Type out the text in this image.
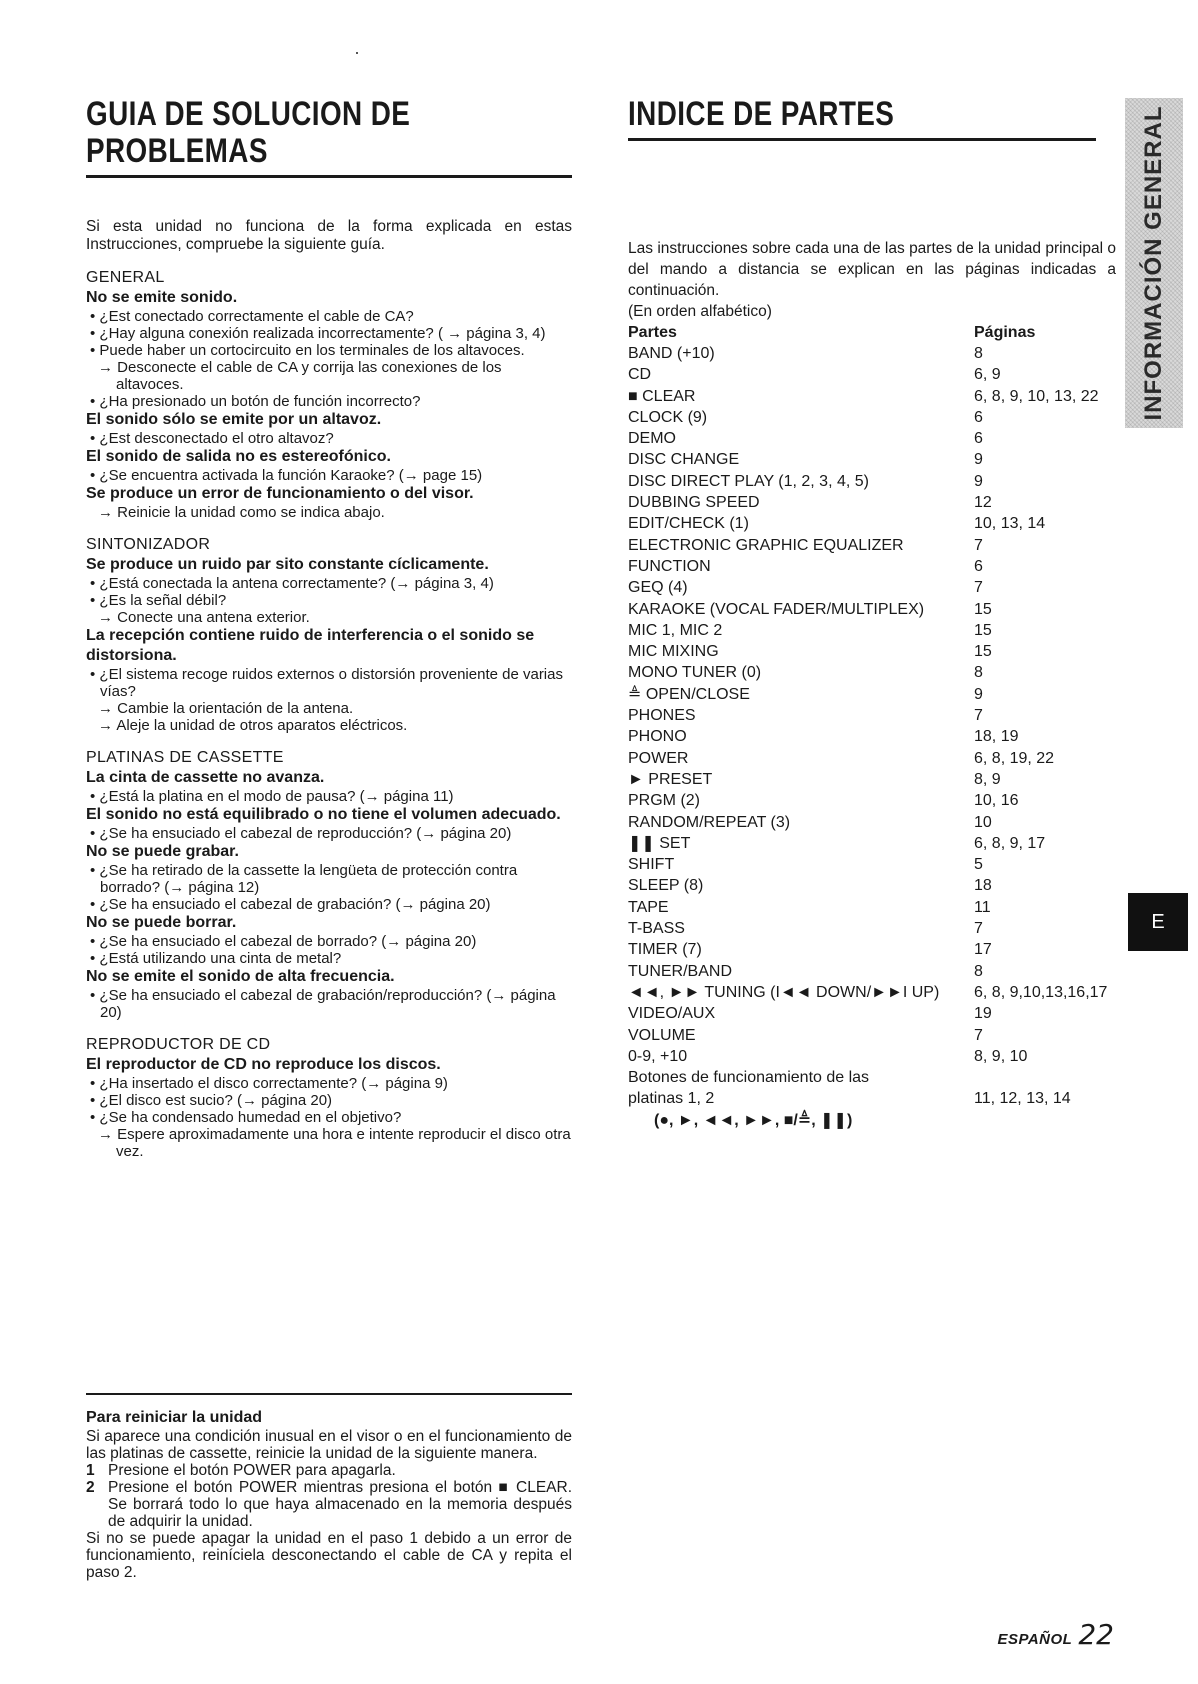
GUIA DE SOLUCION DE
PROBLEMAS
Si esta unidad no funciona de la forma explicada en estas Instrucciones, compruebe la siguiente guía.
GENERAL
No se emite sonido.
• ¿Est conectado correctamente el cable de CA?
• ¿Hay alguna conexión realizada incorrectamente? ( → página 3, 4)
• Puede haber un cortocircuito en los terminales de los altavoces.
→ Desconecte el cable de CA y corrija las conexiones de los altavoces.
• ¿Ha presionado un botón de función incorrecto?
El sonido sólo se emite por un altavoz.
• ¿Est desconectado el otro altavoz?
El sonido de salida no es estereofónico.
• ¿Se encuentra activada la función Karaoke? (→ page 15)
Se produce un error de funcionamiento o del visor.
→ Reinicie la unidad como se indica abajo.
SINTONIZADOR
Se produce un ruido par sito constante cíclicamente.
• ¿Está conectada la antena correctamente? (→ página 3, 4)
• ¿Es la señal débil?
→ Conecte una antena exterior.
La recepción contiene ruido de interferencia o el sonido se distorsiona.
• ¿El sistema recoge ruidos externos o distorsión proveniente de varias vías?
→ Cambie la orientación de la antena.
→ Aleje la unidad de otros aparatos eléctricos.
PLATINAS DE CASSETTE
La cinta de cassette no avanza.
• ¿Está la platina en el modo de pausa? (→ página 11)
El sonido no está equilibrado o no tiene el volumen adecuado.
• ¿Se ha ensuciado el cabezal de reproducción? (→ página 20)
No se puede grabar.
• ¿Se ha retirado de la cassette la lengüeta de protección contra borrado? (→ página 12)
• ¿Se ha ensuciado el cabezal de grabación? (→ página 20)
No se puede borrar.
• ¿Se ha ensuciado el cabezal de borrado? (→ página 20)
• ¿Está utilizando una cinta de metal?
No se emite el sonido de alta frecuencia.
• ¿Se ha ensuciado el cabezal de grabación/reproducción? (→ página 20)
REPRODUCTOR DE CD
El reproductor de CD no reproduce los discos.
• ¿Ha insertado el disco correctamente? (→ página 9)
• ¿El disco est sucio? (→ página 20)
• ¿Se ha condensado humedad en el objetivo?
→ Espere aproximadamente una hora e intente reproducir el disco otra vez.
Para reiniciar la unidad
Si aparece una condición inusual en el visor o en el funcionamiento de las platinas de cassette, reinicie la unidad de la siguiente manera.
1 Presione el botón POWER para apagarla.
2 Presione el botón POWER mientras presiona el botón ■ CLEAR. Se borrará todo lo que haya almacenado en la memoria después de adquirir la unidad.
Si no se puede apagar la unidad en el paso 1 debido a un error de funcionamiento, reiníciela desconectando el cable de CA y repita el paso 2.
INDICE DE PARTES
Las instrucciones sobre cada una de las partes de la unidad principal o del mando a distancia se explican en las páginas indicadas a continuación.
(En orden alfabético)
Partes	Páginas
BAND (+10)	8
CD	6, 9
■ CLEAR	6, 8, 9, 10, 13, 22
CLOCK (9)	6
DEMO	6
DISC CHANGE	9
DISC DIRECT PLAY (1, 2, 3, 4, 5)	9
DUBBING SPEED	12
EDIT/CHECK (1)	10, 13, 14
ELECTRONIC GRAPHIC EQUALIZER	7
FUNCTION	6
GEQ (4)	7
KARAOKE (VOCAL FADER/MULTIPLEX)	15
MIC 1, MIC 2	15
MIC MIXING	15
MONO TUNER (0)	8
≜ OPEN/CLOSE	9
PHONES	7
PHONO	18, 19
POWER	6, 8, 19, 22
► PRESET	8, 9
PRGM (2)	10, 16
RANDOM/REPEAT (3)	10
❚❚ SET	6, 8, 9, 17
SHIFT	5
SLEEP (8)	18
TAPE	11
T-BASS	7
TIMER (7)	17
TUNER/BAND	8
◄◄, ►► TUNING (I◄◄ DOWN/►►I UP)	6, 8, 9,10,13,16,17
VIDEO/AUX	19
VOLUME	7
0-9, +10	8, 9, 10
Botones de funcionamiento de las	
platinas 1, 2	11, 12, 13, 14
(●, ►, ◄◄, ►►, ■/≜, ❚❚)
INFORMACIÓN GENERAL
E
ESPAÑOL 22
